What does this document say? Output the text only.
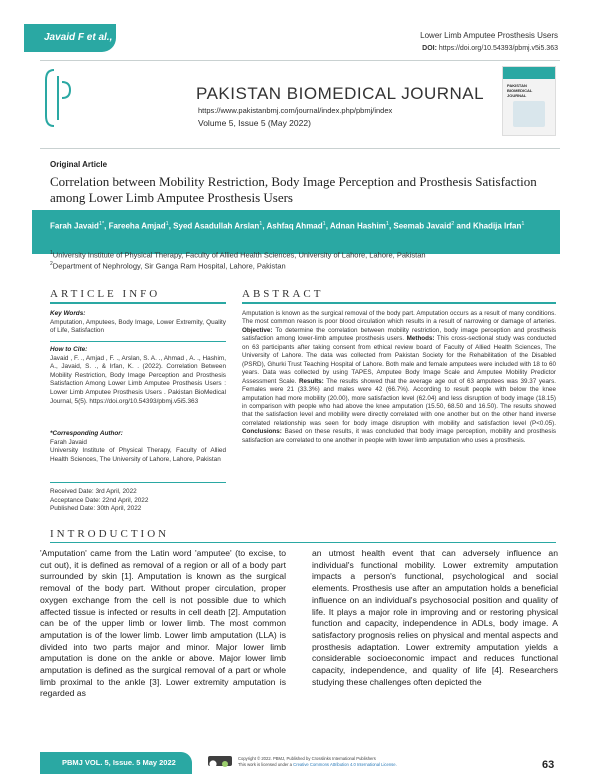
Javaid F et al.,	Lower Limb Amputee Prosthesis Users
DOI: https://doi.org/10.54393/pbmj.v5i5.363
PAKISTAN BIOMEDICAL JOURNAL
https://www.pakistanbmj.com/journal/index.php/pbmj/index
Volume 5, Issue 5 (May 2022)
PAKISTAN BIOMEDICAL JOURNAL
Original Article
Correlation between Mobility Restriction, Body Image Perception and Prosthesis Satisfaction among Lower Limb Amputee Prosthesis Users
Farah Javaid$^{1*}$, Fareeha Amjad$^1$, Syed Asadullah Arslan$^1$, Ashfaq Ahmad$^1$, Adnan Hashim$^1$, Seemab Javaid$^2$ and Khadija Irfan$^1$
$^1$University Institute of Physical Therapy, Faculty of Allied Health Sciences, University of Lahore, Lahore, Pakistan
$^2$Department of Nephrology, Sir Ganga Ram Hospital, Lahore, Pakistan
ARTICLE INFO
Key Words:
Amputation, Amputees, Body Image, Lower Extremity, Quality of Life, Satisfaction
How to Cite:
Javaid , F. ., Amjad , F. ., Arslan, S. A. ., Ahmad , A. ., Hashim, A., Javaid, S. ., & Irfan, K. . (2022). Correlation Between Mobility Restriction, Body Image Perception and Prosthesis Satisfaction Among Lower Limb Amputee Prosthesis Users : Lower Limb Amputee Prosthesis Users . Pakistan BioMedical Journal, 5(5). https://doi.org/10.54393/pbmj.v5i5.363
*Corresponding Author:
Farah Javaid
University Institute of Physical Therapy, Faculty of Allied Health Sciences, The University of Lahore, Lahore, Pakistan
Received Date: 3rd April, 2022
Acceptance Date: 22nd April, 2022
Published Date: 30th April, 2022
ABSTRACT
Amputation is known as the surgical removal of the body part. Amputation occurs as a result of many conditions. The most common reason is poor blood circulation which results in a result of narrowing or damage of arteries. Objective: To determine the correlation between mobility restriction, body image perception and prosthesis satisfaction among lower-limb amputee prosthesis users. Methods: This cross-sectional study was conducted on 63 participants after taking consent from ethical review board of Faculty of Allied Health Sciences, The University of Lahore. The data was collected from Pakistan Society for the Rehabilitation of the Disabled (PSRD), Ghurki Trust Teaching Hospital of Lahore. Both male and female amputees were included with 18 to 60 years. Data was collected by using TAPES, Amputee Body Image Scale and Amputee Mobility Predictor Assessment Scale. Results: The results showed that the average age out of 63 amputees was 39.37 years. Females were 21 (33.3%) and males were 42 (66.7%). According to result people with below the knee amputation had more mobility (20.00), more satisfaction level (62.04) and less disruption of body image (18.15) in comparison with people who had above the knee amputation (15.50, 68.50 and 16.50). The results showed that the satisfaction level and mobility were directly correlated with one another but on the other hand inverse correlated relationship was seen for body image disruption with mobility and satisfaction level (P<0.05). Conclusions: Based on these results, it was concluded that body image perception, mobility and prosthesis satisfaction are correlated to one another in people with lower limb amputation who uses a prosthesis.
INTRODUCTION
'Amputation' came from the Latin word 'amputee' (to excise, to cut out), it is defined as removal of a region or all of a body part surrounded by skin [1]. Amputation is known as the surgical removal of the body part. Without proper circulation, proper oxygen exchange from the cell is not possible due to which affected tissue is infected or results in cell death [2]. Amputation can be of the upper limb or lower limb. The most common amputation is of the lower limb. Lower limb amputation (LLA) is divided into two parts major and minor. Major lower limb amputation is done on the ankle or above. Major lower limb amputation is defined as the surgical removal of a part or whole limb proximal to the ankle [3]. Lower extremity amputation is regarded as
an utmost health event that can adversely influence an individual's functional mobility. Lower extremity amputation impacts a person's functional, psychological and social elements. Prosthesis use after an amputation holds a beneficial influence on an individual's psychosocial position and quality of life. It plays a major role in improving and or restoring physical function and capacity, independence in ADLs, body image. A satisfactory prognosis relies on physical and mental aspects and prosthesis adaptation. Lower extremity amputation yields a considerable socioeconomic impact and reduces functional capacity, independence, and quality of life [4]. Researchers studying these challenges often depicted the
PBMJ VOL. 5, Issue. 5 May 2022	Copyright © 2022. PBMJ, Published by Crosslinks International Publishers
This work is licensed under a Creative Commons Attribution 4.0 International License.	63
